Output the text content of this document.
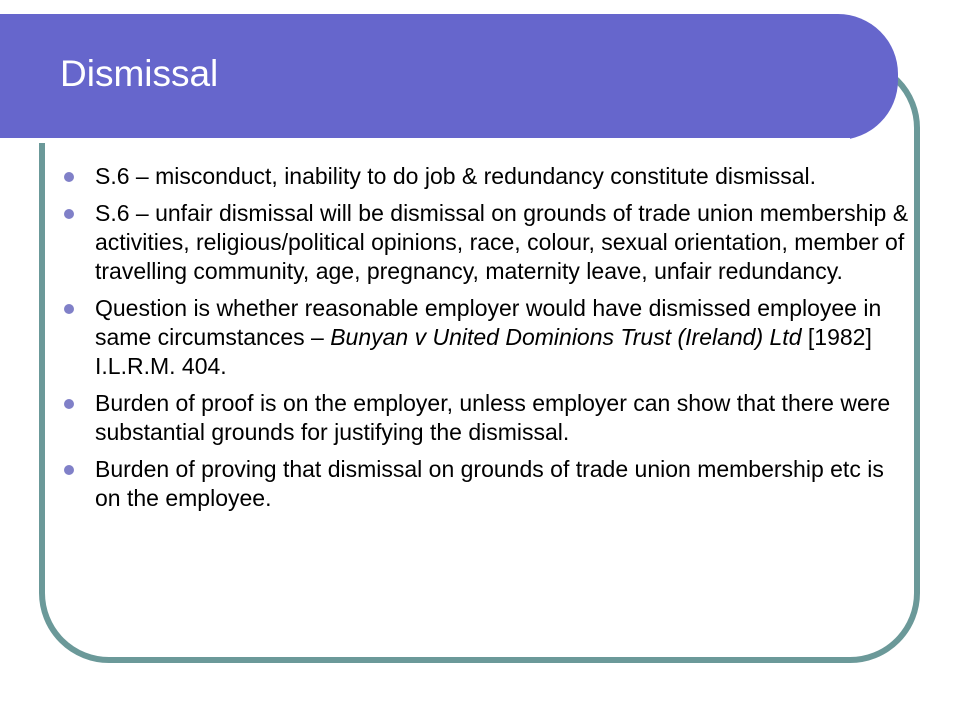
Dismissal
S.6 – misconduct, inability to do job & redundancy constitute dismissal.
S.6 – unfair dismissal will be dismissal on grounds of trade union membership & activities, religious/political opinions, race, colour, sexual orientation, member of travelling community, age, pregnancy, maternity leave, unfair redundancy.
Question is whether reasonable employer would have dismissed employee in same circumstances – Bunyan v United Dominions Trust (Ireland) Ltd [1982] I.L.R.M. 404.
Burden of proof is on the employer, unless employer can show that there were substantial grounds for justifying the dismissal.
Burden of proving that dismissal on grounds of trade union membership etc is on the employee.
